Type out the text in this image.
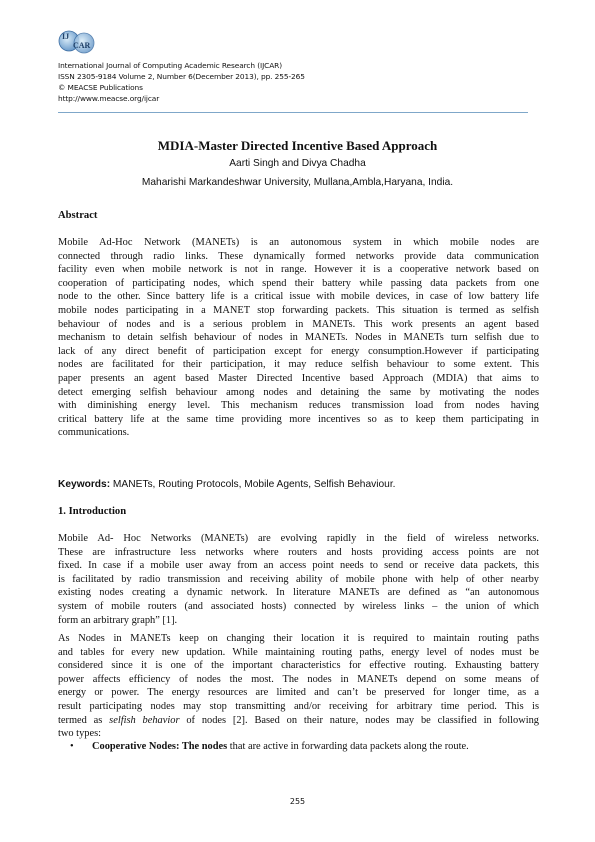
IJ
CAR
International Journal of Computing Academic Research (IJCAR)
ISSN 2305-9184 Volume 2, Number 6(December 2013), pp. 255-265
© MEACSE Publications
http://www.meacse.org/ijcar
MDIA-Master Directed Incentive Based Approach
Aarti Singh and Divya Chadha
Maharishi Markandeshwar University, Mullana,Ambla,Haryana, India.
Abstract
Mobile Ad-Hoc Network (MANETs) is an autonomous system in which mobile nodes are
connected through radio links. These dynamically formed networks provide data communication
facility even when mobile network is not in range. However it is a cooperative network based on
cooperation of participating nodes, which spend their battery while passing data packets from one
node to the other. Since battery life is a critical issue with mobile devices, in case of low battery life
mobile nodes participating in a MANET stop forwarding packets. This situation is termed as selfish
behaviour of nodes and is a serious problem in MANETs. This work presents an agent based
mechanism to detain selfish behaviour of nodes in MANETs. Nodes in MANETs turn selfish due to
lack of any direct benefit of participation except for energy consumption.However if participating
nodes are facilitated for their participation, it may reduce selfish behaviour to some extent. This
paper presents an agent based Master Directed Incentive based Approach (MDIA) that aims to
detect emerging selfish behaviour among nodes and detaining the same by motivating the nodes
with diminishing energy level. This mechanism reduces transmission load from nodes having
critical battery life at the same time providing more incentives so as to keep them participating in
communications.
Keywords: MANETs, Routing Protocols, Mobile Agents, Selfish Behaviour.
1. Introduction
Mobile Ad- Hoc Networks (MANETs) are evolving rapidly in the field of wireless networks.
These are infrastructure less networks where routers and hosts providing access points are not
fixed. In case if a mobile user away from an access point needs to send or receive data packets, this
is facilitated by radio transmission and receiving ability of mobile phone with help of other nearby
existing nodes creating a dynamic network. In literature MANETs are defined as “an autonomous
system of mobile routers (and associated hosts) connected by wireless links – the union of which
form an arbitrary graph” [1].
As Nodes in MANETs keep on changing their location it is required to maintain routing paths
and tables for every new updation. While maintaining routing paths, energy level of nodes must be
considered since it is one of the important characteristics for effective routing. Exhausting battery
power affects efficiency of nodes the most. The nodes in MANETs depend on some means of
energy or power. The energy resources are limited and can’t be preserved for longer time, as a
result participating nodes may stop transmitting and/or receiving for arbitrary time period. This is
termed as selfish behavior of nodes [2]. Based on their nature, nodes may be classified in following
two types:
• Cooperative Nodes: The nodes that are active in forwarding data packets along the route.
255
